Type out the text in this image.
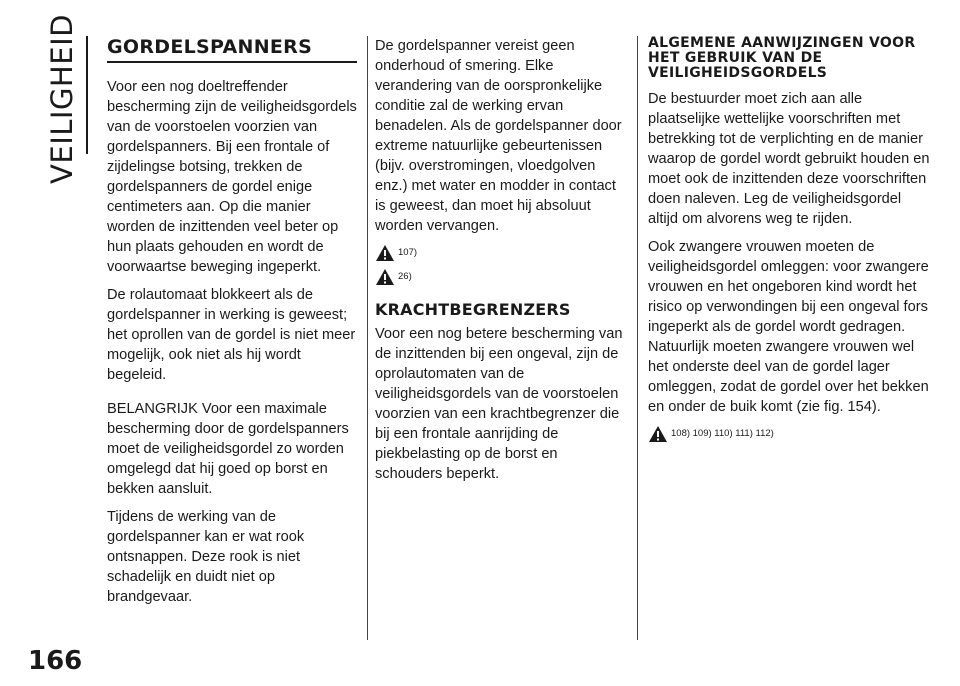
VEILIGHEID GORDELSPANNERS

Voor een nog doeltreffender bescherming zijn de veiligheidsgordels van de voorstoelen voorzien van gordelspanners. Bij een frontale of zijdelingse botsing, trekken de gordelspanners de gordel enige centimeters aan. Op die manier worden de inzittenden veel beter op hun plaats gehouden en wordt de voorwaartse beweging ingeperkt.

De rolautomaat blokkeert als de gordelspanner in werking is geweest; het oprollen van de gordel is niet meer mogelijk, ook niet als hij wordt begeleid.

BELANGRIJK Voor een maximale bescherming door de gordelspanners moet de veiligheidsgordel zo worden omgelegd dat hij goed op borst en bekken aansluit.

Tijdens de werking van de gordelspanner kan er wat rook ontsnappen. Deze rook is niet schadelijk en duidt niet op brandgevaar.

De gordelspanner vereist geen onderhoud of smering. Elke verandering van de oorspronkelijke conditie zal de werking ervan benadelen. Als de gordelspanner door extreme natuurlijke gebeurtenissen (bijv. overstromingen, vloedgolven enz.) met water en modder in contact is geweest, dan moet hij absoluut worden vervangen.

107)
26)
KRACHTBEGRENZERS

Voor een nog betere bescherming van de inzittenden bij een ongeval, zijn de oprolautomaten van de veiligheidsgordels van de voorstoelen voorzien van een krachtbegrenzer die bij een frontale aanrijding de piekbelasting op de borst en schouders beperkt.

ALGEMENE AANWIJZINGEN VOOR HET GEBRUIK VAN DE VEILIGHEIDSGORDELS

De bestuurder moet zich aan alle plaatselijke wettelijke voorschriften met betrekking tot de verplichting en de manier waarop de gordel wordt gebruikt houden en moet ook de inzittenden deze voorschriften doen naleven. Leg de veiligheidsgordel altijd om alvorens weg te rijden.

Ook zwangere vrouwen moeten de veiligheidsgordel omleggen: voor zwangere vrouwen en het ongeboren kind wordt het risico op verwondingen bij een ongeval fors ingeperkt als de gordel wordt gedragen. Natuurlijk moeten zwangere vrouwen wel het onderste deel van de gordel lager omleggen, zodat de gordel over het bekken en onder de buik komt (zie fig. 154).

108) 109) 110) 111) 112)
166
